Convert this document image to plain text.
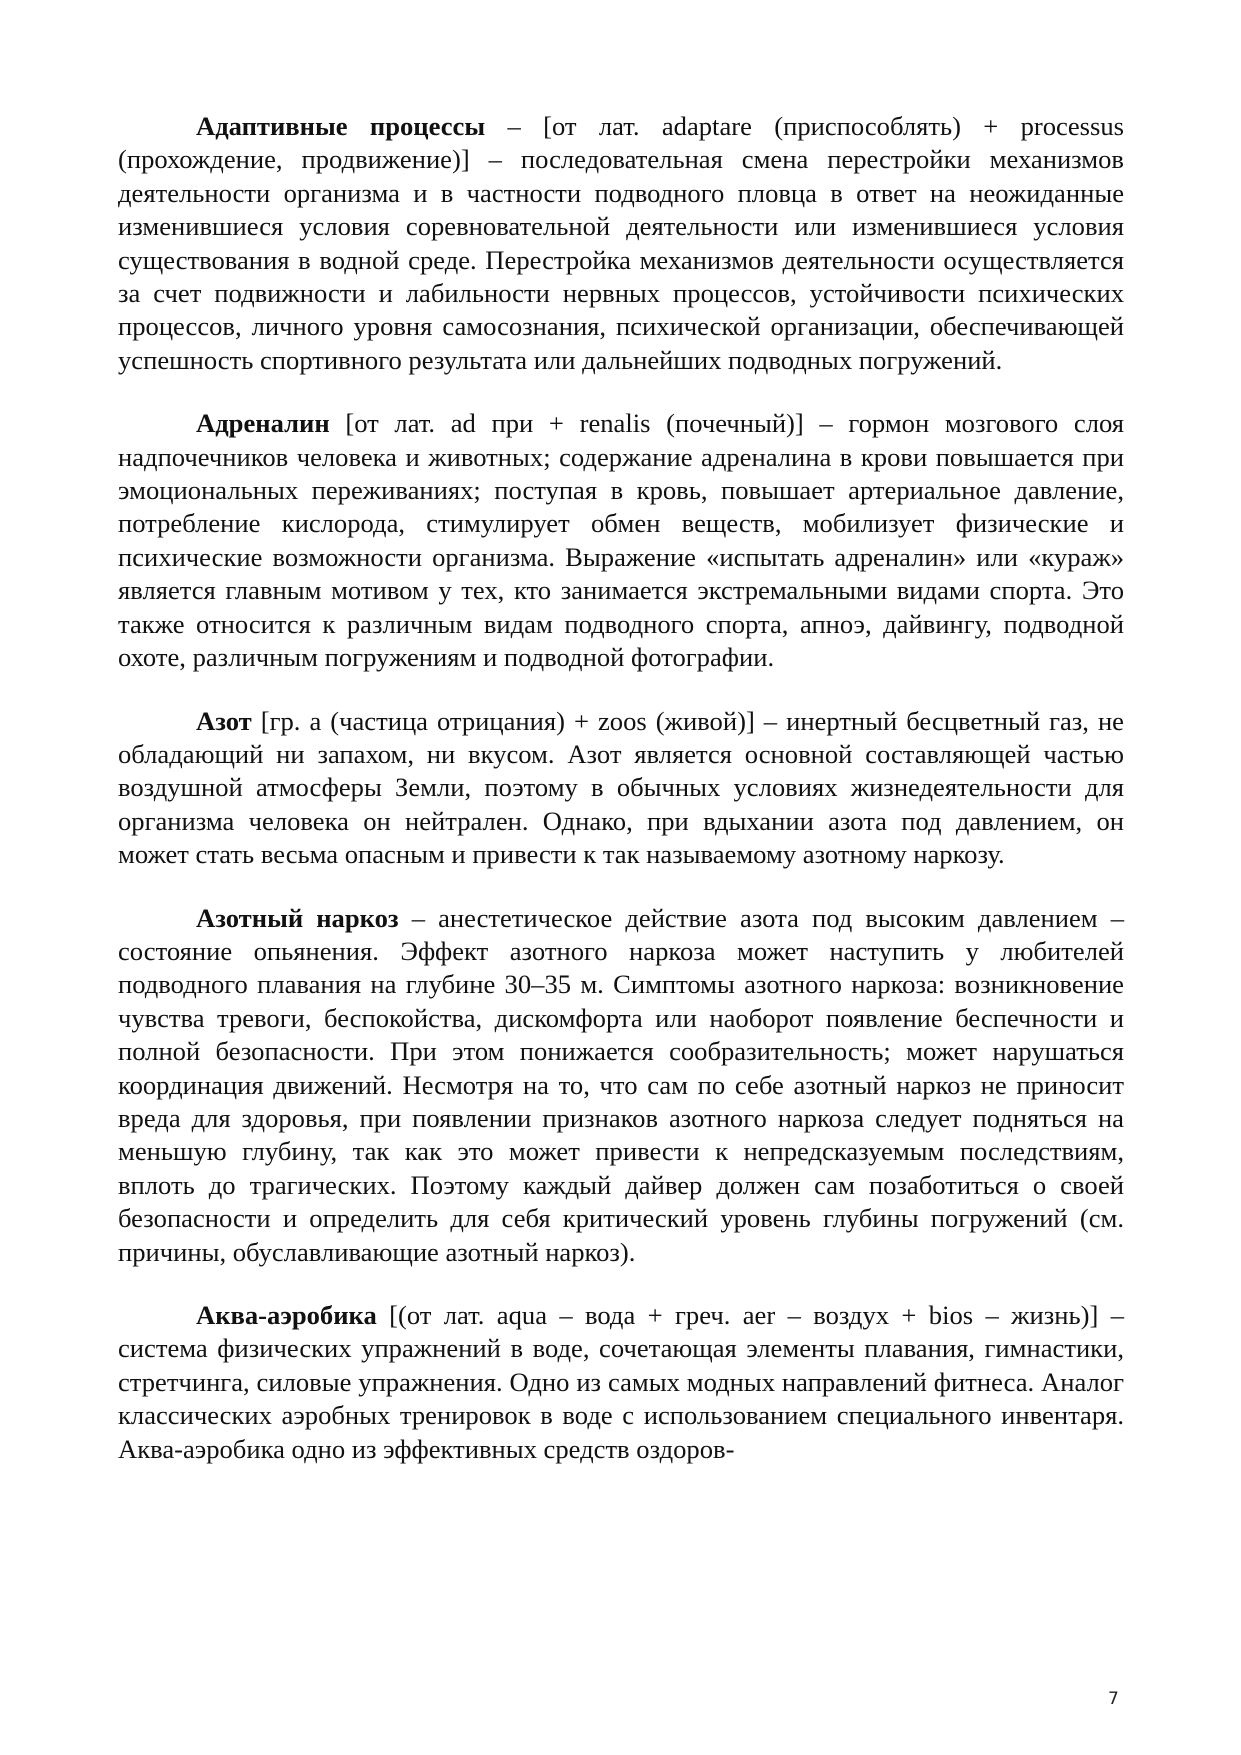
Адаптивные процессы – [от лат. adaptare (приспособлять) + processus (прохождение, продвижение)] – последовательная смена перестройки механизмов деятельности организма и в частности подводного пловца в ответ на неожиданные изменившиеся условия соревновательной деятельности или изменившиеся условия существования в водной среде. Перестройка механизмов деятельности осуществляется за счет подвижности и лабильности нервных процессов, устойчивости психических процессов, личного уровня самосознания, психической организации, обеспечивающей успешность спортивного результата или дальнейших подводных погружений.

Адреналин [от лат. ad при + renalis (почечный)] – гормон мозгового слоя надпочечников человека и животных; содержание адреналина в крови повышается при эмоциональных переживаниях; поступая в кровь, повышает артериальное давление, потребление кислорода, стимулирует обмен веществ, мобилизует физические и психические возможности организма. Выражение «испытать адреналин» или «кураж» является главным мотивом у тех, кто занимается экстремальными видами спорта. Это также относится к различным видам подводного спорта, апноэ, дайвингу, подводной охоте, различным погружениям и подводной фотографии.

Азот [гр. а (частица отрицания) + zoos (живой)] – инертный бесцветный газ, не обладающий ни запахом, ни вкусом. Азот является основной составляющей частью воздушной атмосферы Земли, поэтому в обычных условиях жизнедеятельности для организма человека он нейтрален. Однако, при вдыхании азота под давлением, он может стать весьма опасным и привести к так называемому азотному наркозу.

Азотный наркоз – анестетическое действие азота под высоким давлением – состояние опьянения. Эффект азотного наркоза может наступить у любителей подводного плавания на глубине 30–35 м. Симптомы азотного наркоза: возникновение чувства тревоги, беспокойства, дискомфорта или наоборот появление беспечности и полной безопасности. При этом понижается сообразительность; может нарушаться координация движений. Несмотря на то, что сам по себе азотный наркоз не приносит вреда для здоровья, при появлении признаков азотного наркоза следует подняться на меньшую глубину, так как это может привести к непредсказуемым последствиям, вплоть до трагических. Поэтому каждый дайвер должен сам позаботиться о своей безопасности и определить для себя критический уровень глубины погружений (см. причины, обуславливающие азотный наркоз).

Аква-аэробика [(от лат. aqua – вода + греч. aer – воздух + bios – жизнь)] – система физических упражнений в воде, сочетающая элементы плавания, гимнастики, стретчинга, силовые упражнения. Одно из самых модных направлений фитнеса. Аналог классических аэробных тренировок в воде с использованием специального инвентаря. Аква-аэробика одно из эффективных средств оздоров-

7
